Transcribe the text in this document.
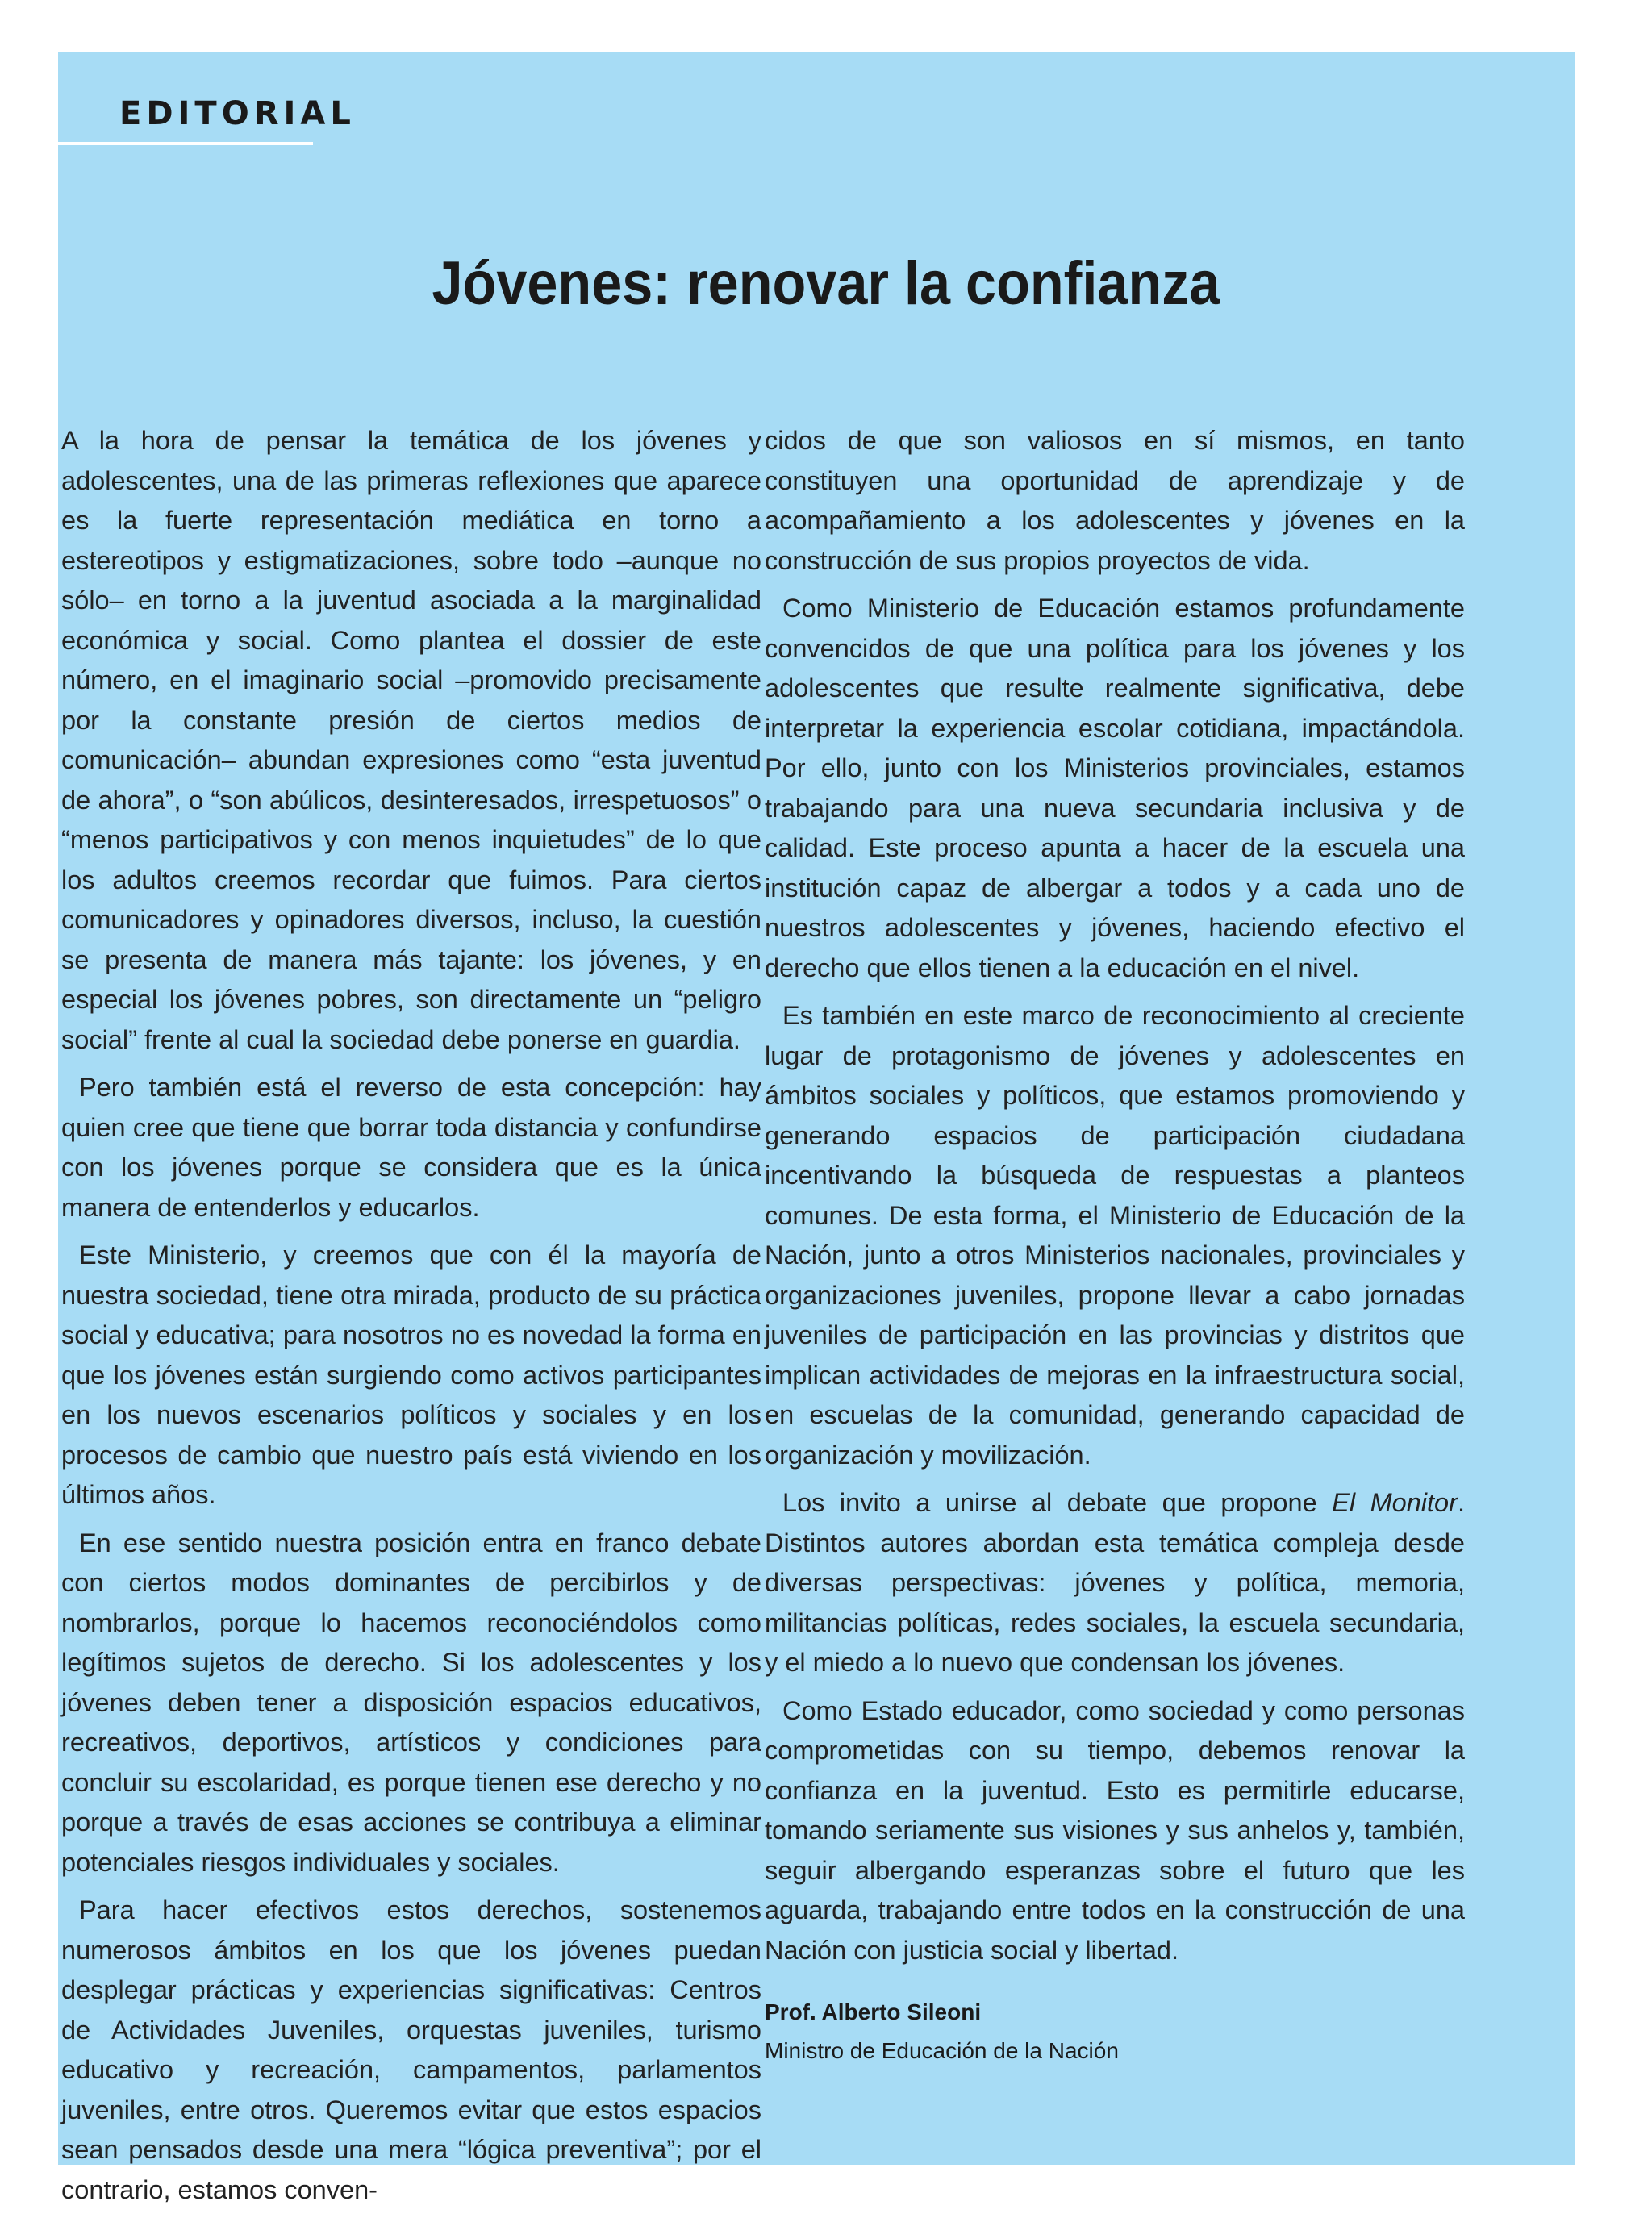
EDITORIAL
Jóvenes: renovar la confianza

A la hora de pensar la temática de los jóvenes y adolescentes, una de las primeras reflexiones que aparece es la fuerte representación mediática en torno a estereotipos y estigmatizaciones, sobre todo –aunque no sólo– en torno a la juventud asociada a la marginalidad económica y social. Como plantea el dossier de este número, en el imaginario social –promovido precisamente por la constante presión de ciertos medios de comunicación– abundan expresiones como “esta juventud de ahora”, o “son abúlicos, desinteresados, irrespetuosos” o “menos participativos y con menos inquietudes” de lo que los adultos creemos recordar que fuimos. Para ciertos comunicadores y opinadores diversos, incluso, la cuestión se presenta de manera más tajante: los jóvenes, y en especial los jóvenes pobres, son directamente un “peligro social” frente al cual la sociedad debe ponerse en guardia.

Pero también está el reverso de esta concepción: hay quien cree que tiene que borrar toda distancia y confundirse con los jóvenes porque se considera que es la única manera de entenderlos y educarlos.

Este Ministerio, y creemos que con él la mayoría de nuestra sociedad, tiene otra mirada, producto de su práctica social y educativa; para nosotros no es novedad la forma en que los jóvenes están surgiendo como activos participantes en los nuevos escenarios políticos y sociales y en los procesos de cambio que nuestro país está viviendo en los últimos años.

En ese sentido nuestra posición entra en franco debate con ciertos modos dominantes de percibirlos y de nombrarlos, porque lo hacemos reconociéndolos como legítimos sujetos de derecho. Si los adolescentes y los jóvenes deben tener a disposición espacios educativos, recreativos, deportivos, artísticos y condiciones para concluir su escolaridad, es porque tienen ese derecho y no porque a través de esas acciones se contribuya a eliminar potenciales riesgos individuales y sociales.

Para hacer efectivos estos derechos, sostenemos numerosos ámbitos en los que los jóvenes puedan desplegar prácticas y experiencias significativas: Centros de Actividades Juveniles, orquestas juveniles, turismo educativo y recreación, campamentos, parlamentos juveniles, entre otros. Queremos evitar que estos espacios sean pensados desde una mera “lógica preventiva”; por el contrario, estamos conven-

cidos de que son valiosos en sí mismos, en tanto constituyen una oportunidad de aprendizaje y de acompañamiento a los adolescentes y jóvenes en la construcción de sus propios proyectos de vida.

Como Ministerio de Educación estamos profundamente convencidos de que una política para los jóvenes y los adolescentes que resulte realmente significativa, debe interpretar la experiencia escolar cotidiana, impactándola. Por ello, junto con los Ministerios provinciales, estamos trabajando para una nueva secundaria inclusiva y de calidad. Este proceso apunta a hacer de la escuela una institución capaz de albergar a todos y a cada uno de nuestros adolescentes y jóvenes, haciendo efectivo el derecho que ellos tienen a la educación en el nivel.

Es también en este marco de reconocimiento al creciente lugar de protagonismo de jóvenes y adolescentes en ámbitos sociales y políticos, que estamos promoviendo y generando espacios de participación ciudadana incentivando la búsqueda de respuestas a planteos comunes. De esta forma, el Ministerio de Educación de la Nación, junto a otros Ministerios nacionales, provinciales y organizaciones juveniles, propone llevar a cabo jornadas juveniles de participación en las provincias y distritos que implican actividades de mejoras en la infraestructura social, en escuelas de la comunidad, generando capacidad de organización y movilización.

Los invito a unirse al debate que propone El Monitor. Distintos autores abordan esta temática compleja desde diversas perspectivas: jóvenes y política, memoria, militancias políticas, redes sociales, la escuela secundaria, y el miedo a lo nuevo que condensan los jóvenes.

Como Estado educador, como sociedad y como personas comprometidas con su tiempo, debemos renovar la confianza en la juventud. Esto es permitirle educarse, tomando seriamente sus visiones y sus anhelos y, también, seguir albergando esperanzas sobre el futuro que les aguarda, trabajando entre todos en la construcción de una Nación con justicia social y libertad.

Prof. Alberto Sileoni
Ministro de Educación de la Nación
